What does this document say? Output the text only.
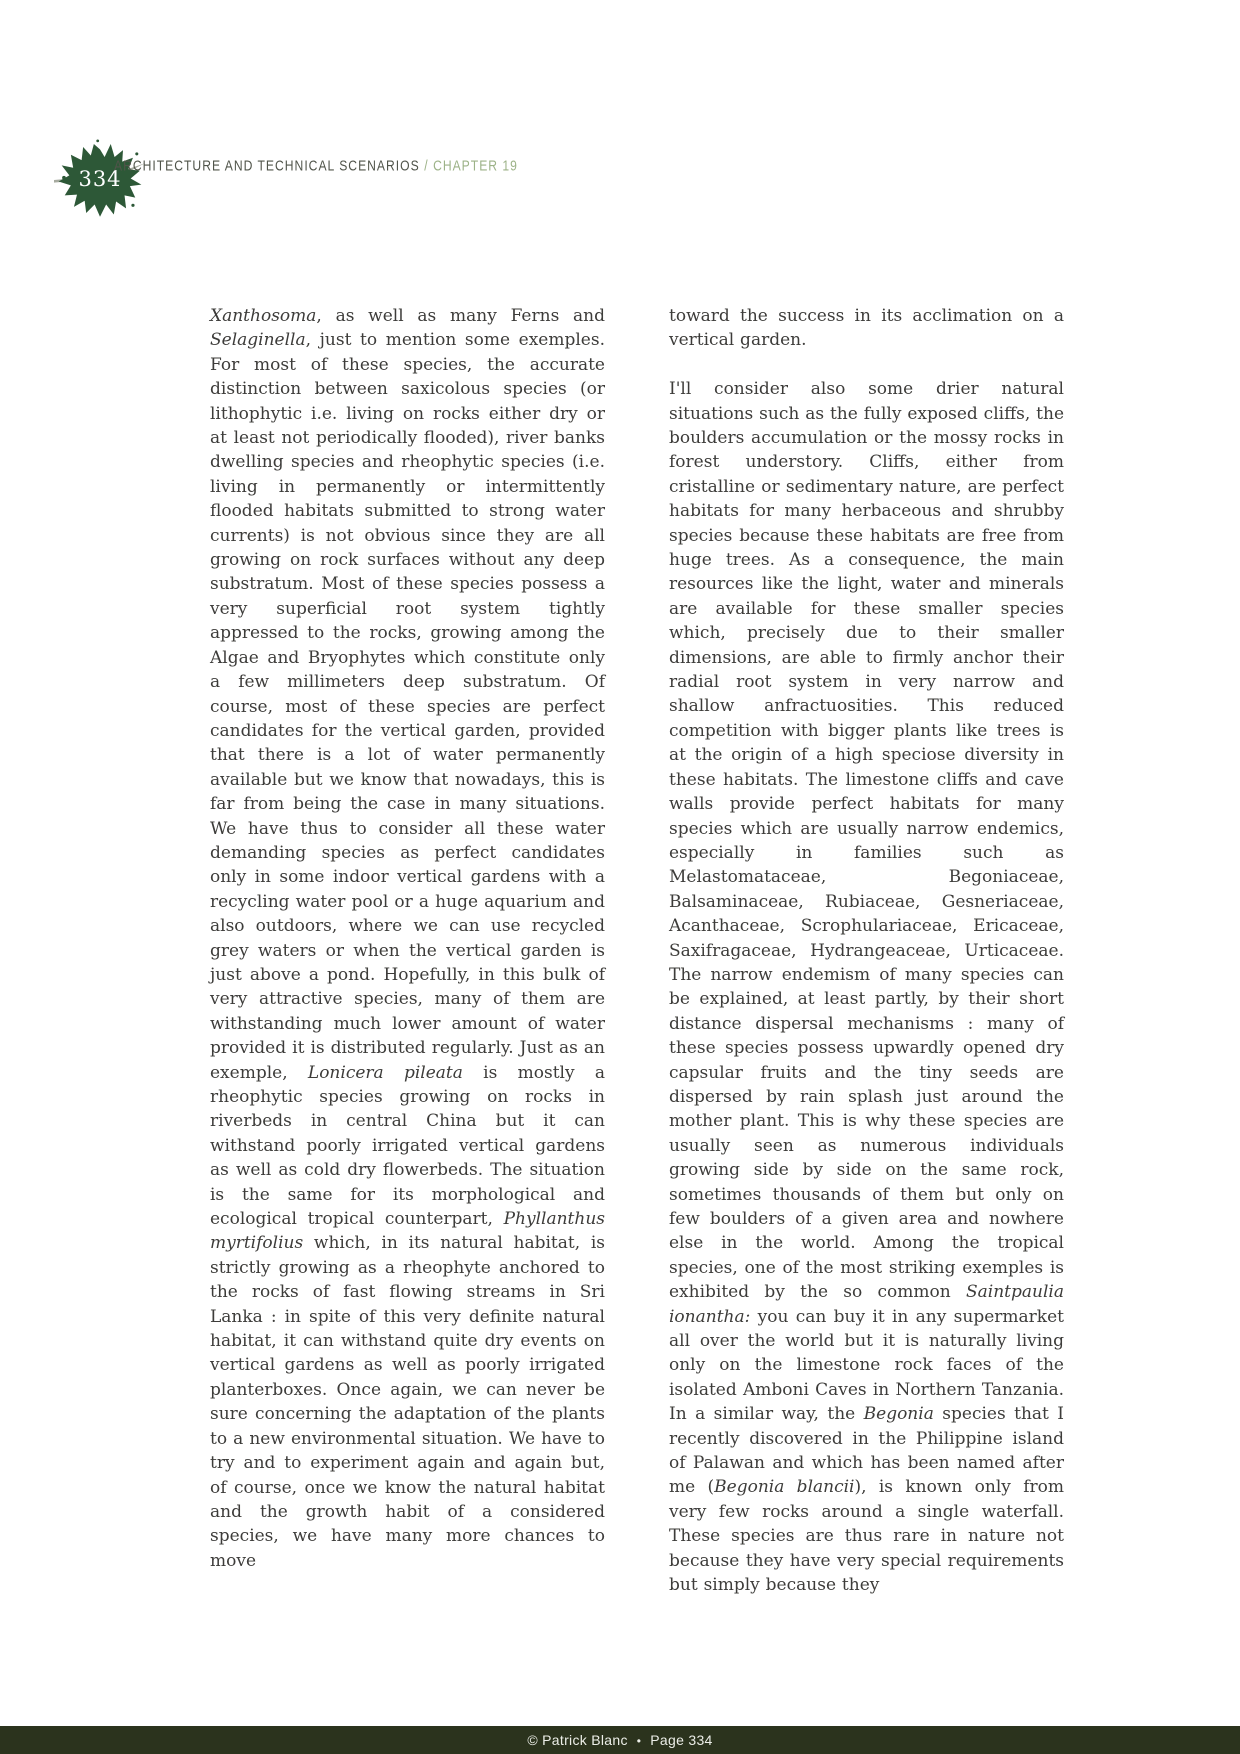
334
ARCHITECTURE AND TECHNICAL SCENARIOS / CHAPTER 19

Xanthosoma, as well as many Ferns and Selaginella, just to mention some exemples. For most of these species, the accurate distinction between saxicolous species (or lithophytic i.e. living on rocks either dry or at least not periodically flooded), river banks dwelling species and rheophytic species (i.e. living in permanently or intermittently flooded habitats submitted to strong water currents) is not obvious since they are all growing on rock surfaces without any deep substratum. Most of these species possess a very superficial root system tightly appressed to the rocks, growing among the Algae and Bryophytes which constitute only a few millimeters deep substratum. Of course, most of these species are perfect candidates for the vertical garden, provided that there is a lot of water permanently available but we know that nowadays, this is far from being the case in many situations. We have thus to consider all these water demanding species as perfect candidates only in some indoor vertical gardens with a recycling water pool or a huge aquarium and also outdoors, where we can use recycled grey waters or when the vertical garden is just above a pond. Hopefully, in this bulk of very attractive species, many of them are withstanding much lower amount of water provided it is distributed regularly. Just as an exemple, Lonicera pileata is mostly a rheophytic species growing on rocks in riverbeds in central China but it can withstand poorly irrigated vertical gardens as well as cold dry flowerbeds. The situation is the same for its morphological and ecological tropical counterpart, Phyllanthus myrtifolius which, in its natural habitat, is strictly growing as a rheophyte anchored to the rocks of fast flowing streams in Sri Lanka : in spite of this very definite natural habitat, it can withstand quite dry events on vertical gardens as well as poorly irrigated planterboxes. Once again, we can never be sure concerning the adaptation of the plants to a new environmental situation. We have to try and to experiment again and again but, of course, once we know the natural habitat and the growth habit of a considered species, we have many more chances to move

toward the success in its acclimation on a vertical garden.

I'll consider also some drier natural situations such as the fully exposed cliffs, the boulders accumulation or the mossy rocks in forest understory. Cliffs, either from cristalline or sedimentary nature, are perfect habitats for many herbaceous and shrubby species because these habitats are free from huge trees. As a consequence, the main resources like the light, water and minerals are available for these smaller species which, precisely due to their smaller dimensions, are able to firmly anchor their radial root system in very narrow and shallow anfractuosities. This reduced competition with bigger plants like trees is at the origin of a high speciose diversity in these habitats. The limestone cliffs and cave walls provide perfect habitats for many species which are usually narrow endemics, especially in families such as Melastomataceae, Begoniaceae, Balsaminaceae, Rubiaceae, Gesneriaceae, Acanthaceae, Scrophulariaceae, Ericaceae, Saxifragaceae, Hydrangeaceae, Urticaceae. The narrow endemism of many species can be explained, at least partly, by their short distance dispersal mechanisms : many of these species possess upwardly opened dry capsular fruits and the tiny seeds are dispersed by rain splash just around the mother plant. This is why these species are usually seen as numerous individuals growing side by side on the same rock, sometimes thousands of them but only on few boulders of a given area and nowhere else in the world. Among the tropical species, one of the most striking exemples is exhibited by the so common Saintpaulia ionantha: you can buy it in any supermarket all over the world but it is naturally living only on the limestone rock faces of the isolated Amboni Caves in Northern Tanzania. In a similar way, the Begonia species that I recently discovered in the Philippine island of Palawan and which has been named after me (Begonia blancii), is known only from very few rocks around a single waterfall. These species are thus rare in nature not because they have very special requirements but simply because they

© Patrick Blanc • Page 334
